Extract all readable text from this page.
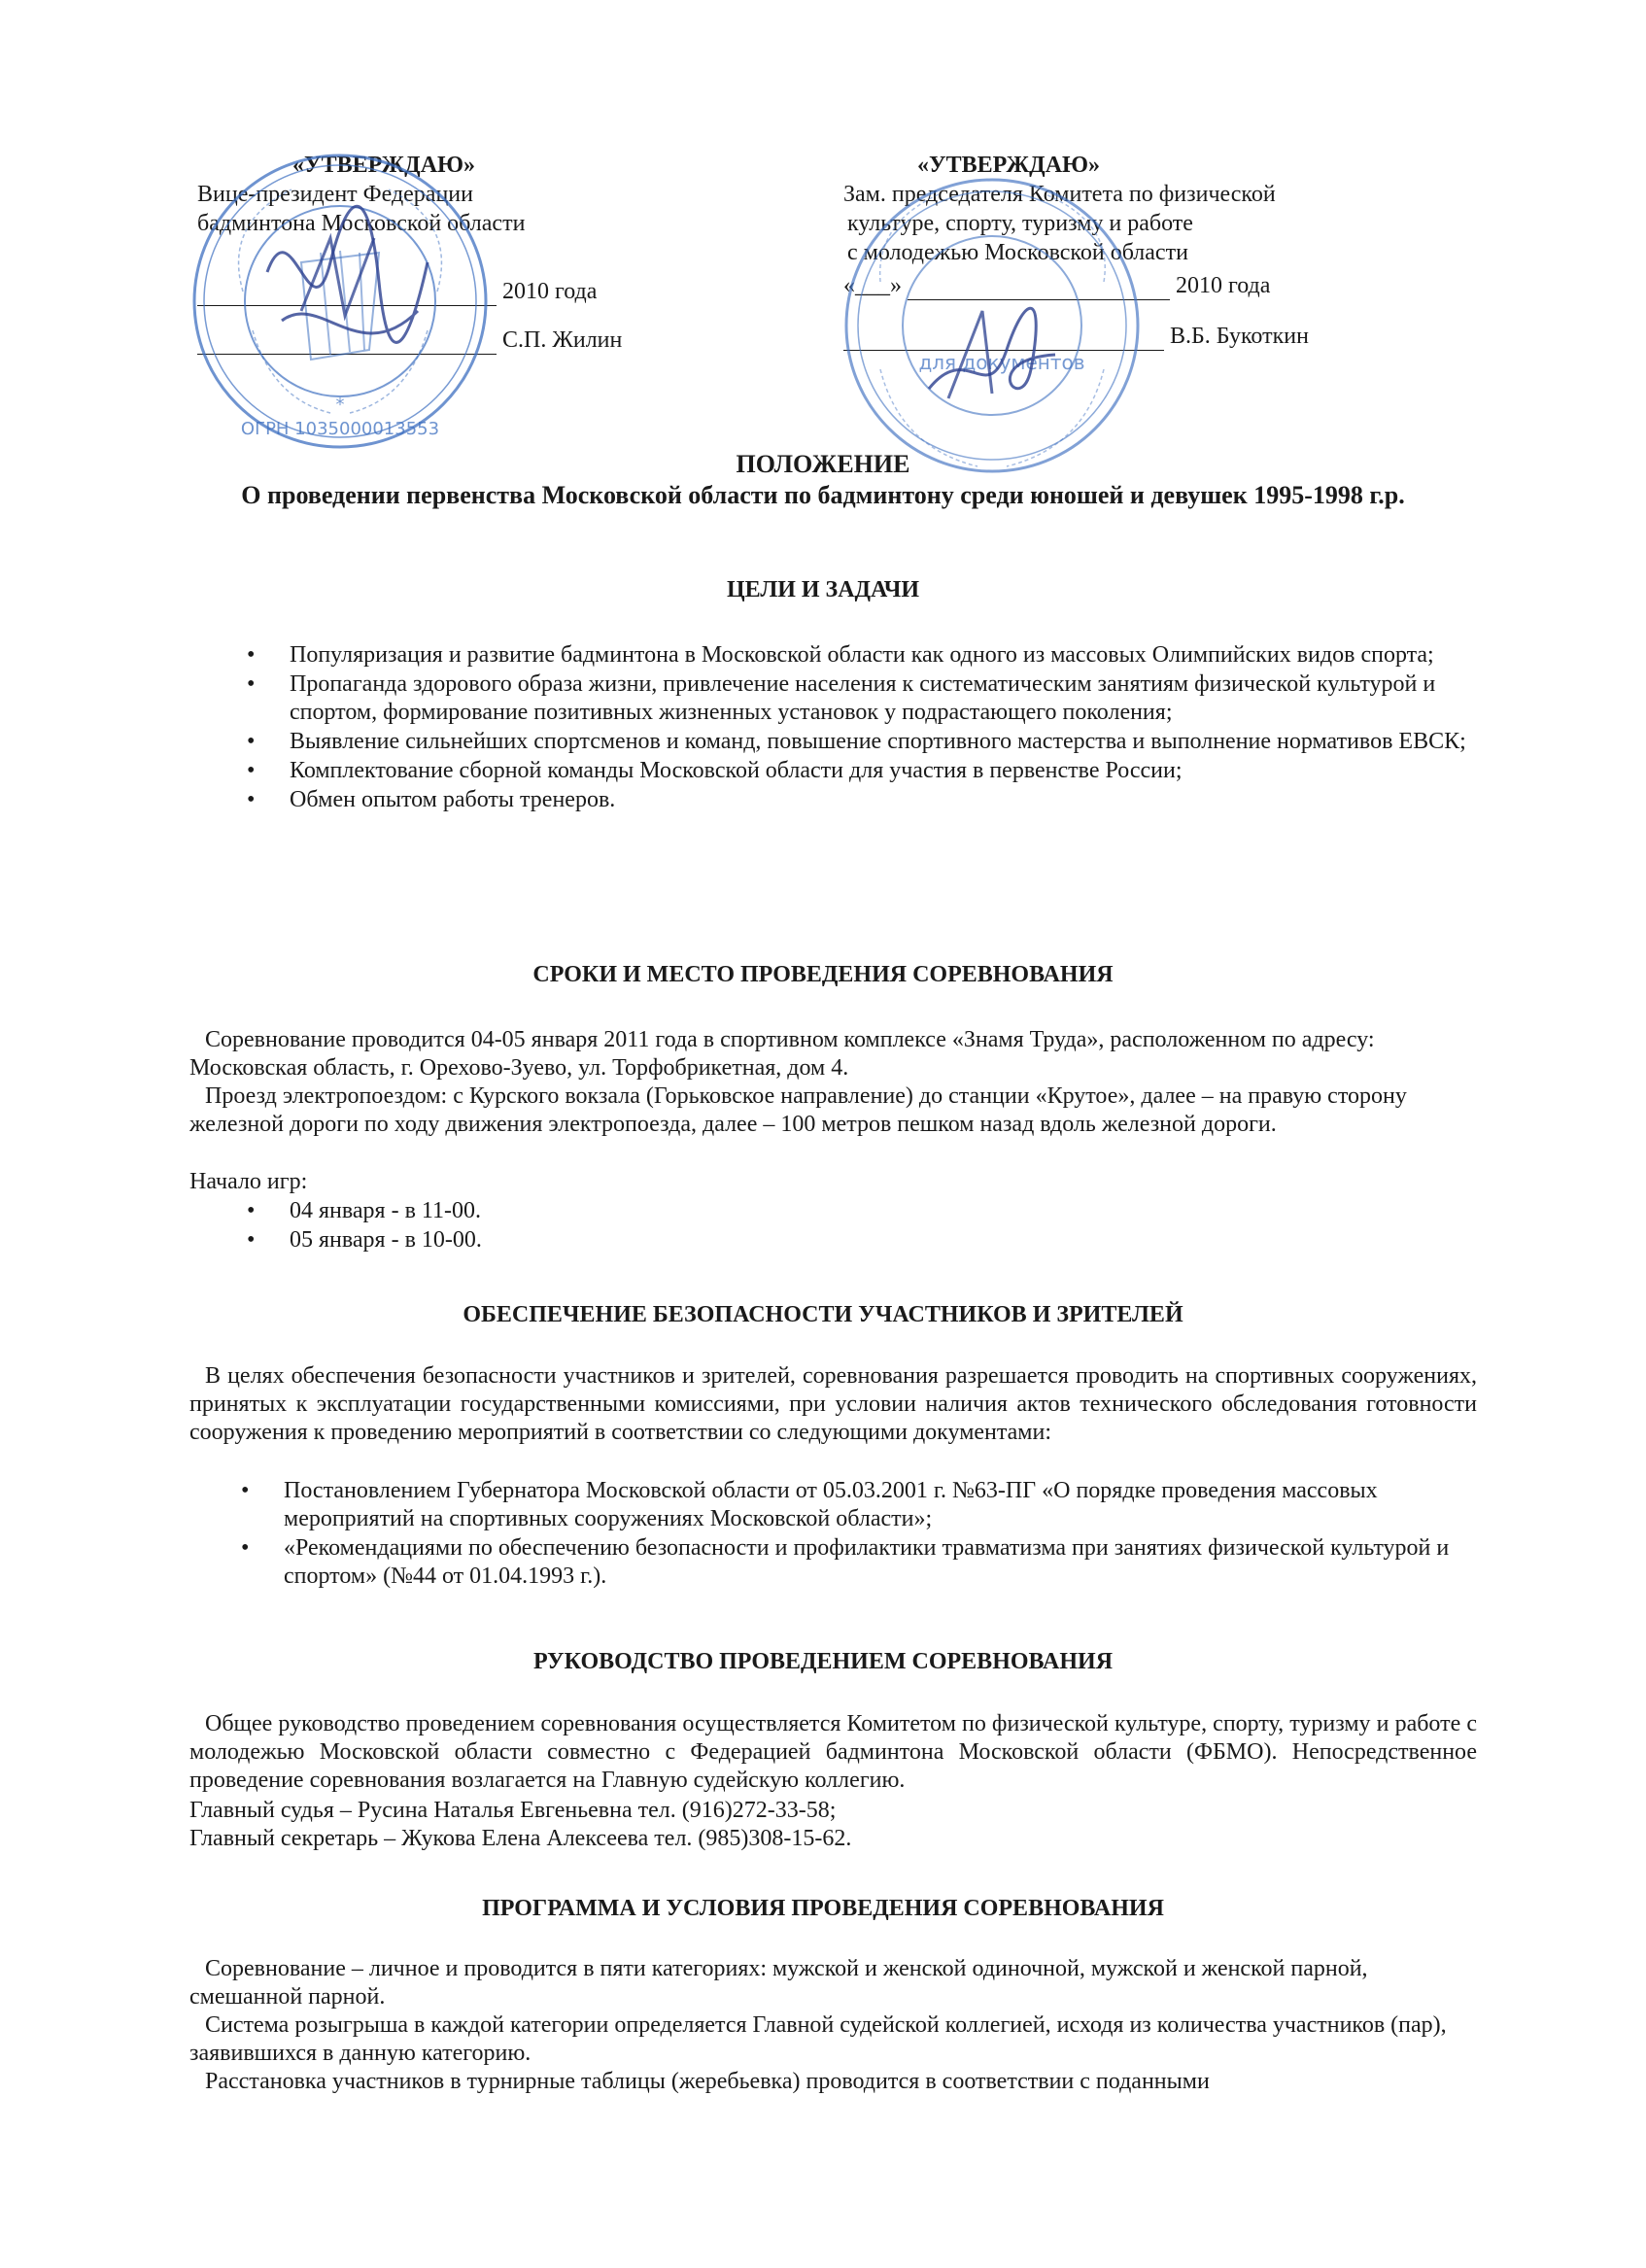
«УТВЕРЖДАЮ»
Вице-президент Федерации
бадминтона Московской области
2010 года
С.П. Жилин
«УТВЕРЖДАЮ»
Зам. председателя Комитета по физической
культуре, спорту, туризму и работе
с молодежью Московской области
«___»	2010 года
В.Б. Букоткин
ОГРН 1035000013553
*
для документов
ПОЛОЖЕНИЕ
О проведении первенства Московской области по бадминтону среди юношей и девушек 1995-1998 г.р.
ЦЕЛИ И ЗАДАЧИ
• Популяризация и развитие бадминтона в Московской области как одного из массовых Олимпийских видов спорта;
• Пропаганда здорового образа жизни, привлечение населения к систематическим занятиям физической культурой и спортом, формирование позитивных жизненных установок у подрастающего поколения;
• Выявление сильнейших спортсменов и команд, повышение спортивного мастерства и выполнение нормативов ЕВСК;
• Комплектование сборной команды Московской области для участия в первенстве России;
• Обмен опытом работы тренеров.
СРОКИ И МЕСТО ПРОВЕДЕНИЯ СОРЕВНОВАНИЯ
Соревнование проводится 04-05 января 2011 года в спортивном комплексе «Знамя Труда», расположенном по адресу: Московская область, г. Орехово-Зуево, ул. Торфобрикетная, дом 4.
Проезд электропоездом: с Курского вокзала (Горьковское направление) до станции «Крутое», далее – на правую сторону железной дороги по ходу движения электропоезда, далее – 100 метров пешком назад вдоль железной дороги.
Начало игр:
• 04 января - в 11-00.
• 05 января - в 10-00.
ОБЕСПЕЧЕНИЕ БЕЗОПАСНОСТИ УЧАСТНИКОВ И ЗРИТЕЛЕЙ
В целях обеспечения безопасности участников и зрителей, соревнования разрешается проводить на спортивных сооружениях, принятых к эксплуатации государственными комиссиями, при условии наличия актов технического обследования готовности сооружения к проведению мероприятий в соответствии со следующими документами:
• Постановлением Губернатора Московской области от 05.03.2001 г. №63-ПГ «О порядке проведения массовых мероприятий на спортивных сооружениях Московской области»;
• «Рекомендациями по обеспечению безопасности и профилактики травматизма при занятиях физической культурой и спортом» (№44 от 01.04.1993 г.).
РУКОВОДСТВО ПРОВЕДЕНИЕМ СОРЕВНОВАНИЯ
Общее руководство проведением соревнования осуществляется Комитетом по физической культуре, спорту, туризму и работе с молодежью Московской области совместно с Федерацией бадминтона Московской области (ФБМО). Непосредственное проведение соревнования возлагается на Главную судейскую коллегию.
Главный судья – Русина Наталья Евгеньевна тел. (916)272-33-58;
Главный секретарь – Жукова Елена Алексеева тел. (985)308-15-62.
ПРОГРАММА И УСЛОВИЯ ПРОВЕДЕНИЯ СОРЕВНОВАНИЯ
Соревнование – личное и проводится в пяти категориях: мужской и женской одиночной, мужской и женской парной, смешанной парной.
Система розыгрыша в каждой категории определяется Главной судейской коллегией, исходя из количества участников (пар), заявившихся в данную категорию.
Расстановка участников в турнирные таблицы (жеребьевка) проводится в соответствии с поданными
